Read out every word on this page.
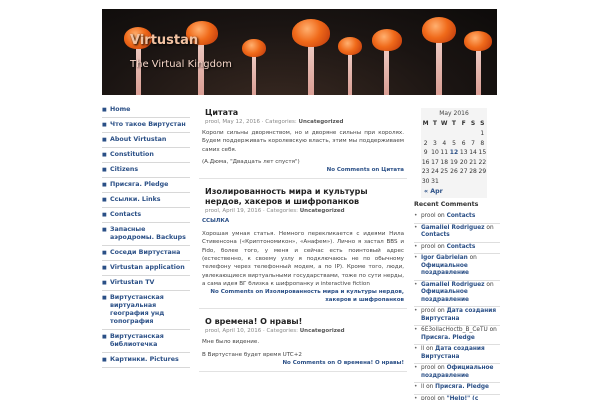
Virtustan
The Virtual Kingdom
■ Home
■ Что такое Виртустан
■ About Virtustan
■ Constitution
■ Citizens
■ Присяга. Pledge
■ Ссылки. Links
■ Contacts
■ Запасные аэродромы. Backups
■ Соседи Виртустана
■ Virtustan application
■ Virtustan TV
■ Виртустанская виртуальная география унд топография
■ Виртустанская библиотечка
■ Картинки. Pictures
Цитата
prool, May 12, 2016 · Categories: Uncategorized
Короли сильны дворянством, но и дворяне сильны при королях. Будем поддерживать королевскую власть, этим мы поддерживаем самих себя.
(А.Дюма, "Двадцать лет спустя")
No Comments on Цитата
Изолированность мира и культуры нердов, хакеров и шифропанков
prool, April 19, 2016 · Categories: Uncategorized
ССЫЛКА
Хорошая умная статья. Немного перекликается с идеями Нила Стивенсона («Криптономикон», «Анафем»). Лично я застал BBS и Fido, более того, у меня и сейчас есть поинтовый адрес (естественно, к своему узлу я подключаюсь не по обычному телефону через телефонный модем, а по IP). Кроме того, люди, увлекающиеся виртуальными государствами, тоже по сути нерды, а сама идея ВГ близка к шифропанку и interactive fiction
No Comments on Изолированность мира и культуры нердов, хакеров и шифропанков
О времена! О нравы!
prool, April 10, 2016 · Categories: Uncategorized
Мне было видение.
В Виртустане будет время UTC+2
No Comments on О времена! О нравы!
May 2016
M	T	W	T	F	S	S
						1
2	3	4	5	6	7	8
9	10	11	12	13	14	15
16	17	18	19	20	21	22
23	24	25	26	27	28	29
30	31					
« Apr
Recent Comments
• prool on Contacts
• Gamaliel Rodriguez on Contacts
• prool on Contacts
• Igor Gabrielan on Официальное поздравление
• Gamaliel Rodriguez on Официальное поздравление
• prool on Дата создания Виртустана
• 6E3ollacHoctb_B_CeTU on Присяга. Pledge
• ll on Дата создания Виртустана
• prool on Официальное поздравление
• ll on Присяга. Pledge
• prool on "Help!" (с
